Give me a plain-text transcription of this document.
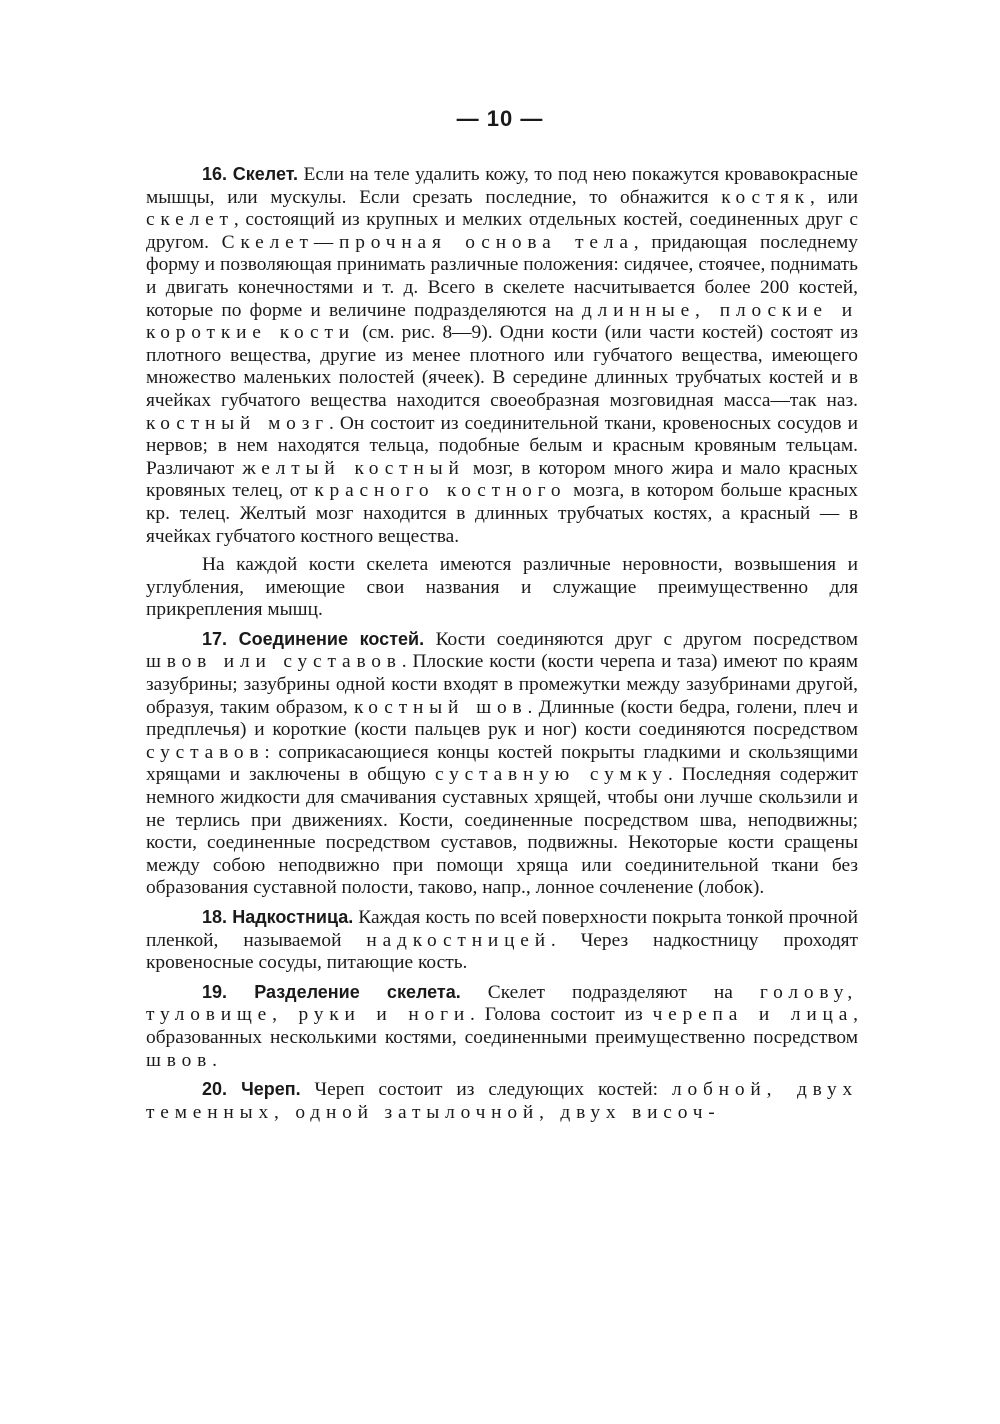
— 10 —

16. Скелет. Если на теле удалить кожу, то под нею покажутся кровавокрасные мышцы, или мускулы. Если срезать последние, то обнажится костяк, или скелет, состоящий из крупных и мелких отдельных костей, соединенных друг с другом. Скелет—прочная основа тела, придающая последнему форму и позволяющая принимать различные положения: сидячее, стоячее, поднимать и двигать конечностями и т. д. Всего в скелете насчитывается более 200 костей, которые по форме и величине подразделяются на длинные, плоские и короткие кости (см. рис. 8—9). Одни кости (или части костей) состоят из плотного вещества, другие из менее плотного или губчатого вещества, имеющего множество маленьких полостей (ячеек). В середине длинных трубчатых костей и в ячейках губчатого вещества находится своеобразная мозговидная масса—так наз. костный мозг. Он состоит из соединительной ткани, кровеносных сосудов и нервов; в нем находятся тельца, подобные белым и красным кровяным тельцам. Различают желтый костный мозг, в котором много жира и мало красных кровяных телец, от красного костного мозга, в котором больше красных кр. телец. Желтый мозг находится в длинных трубчатых костях, а красный — в ячейках губчатого костного вещества.

На каждой кости скелета имеются различные неровности, возвышения и углубления, имеющие свои названия и служащие преимущественно для прикрепления мышц.

17. Соединение костей. Кости соединяются друг с другом посредством швов или суставов. Плоские кости (кости черепа и таза) имеют по краям зазубрины; зазубрины одной кости входят в промежутки между зазубринами другой, образуя, таким образом, костный шов. Длинные (кости бедра, голени, плеч и предплечья) и короткие (кости пальцев рук и ног) кости соединяются посредством суставов: соприкасающиеся концы костей покрыты гладкими и скользящими хрящами и заключены в общую суставную сумку. Последняя содержит немного жидкости для смачивания суставных хрящей, чтобы они лучше скользили и не терлись при движениях. Кости, соединенные посредством шва, неподвижны; кости, соединенные посредством суставов, подвижны. Некоторые кости сращены между собою неподвижно при помощи хряща или соединительной ткани без образования суставной полости, таково, напр., лонное сочленение (лобок).

18. Надкостница. Каждая кость по всей поверхности покрыта тонкой прочной пленкой, называемой надкостницей. Через надкостницу проходят кровеносные сосуды, питающие кость.

19. Разделение скелета. Скелет подразделяют на голову, туловище, руки и ноги. Голова состоит из черепа и лица, образованных несколькими костями, соединенными преимущественно посредством швов.

20. Череп. Череп состоит из следующих костей: лобной, двух теменных, одной затылочной, двух височ-
